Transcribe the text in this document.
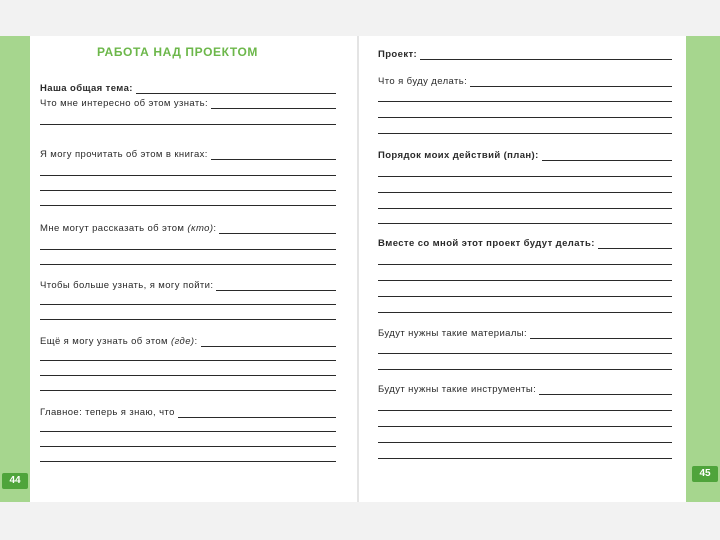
44
45
РАБОТА НАД ПРОЕКТОМ
Наша общая тема:
Что мне интересно об этом узнать:
Я могу прочитать об этом в книгах:
Мне могут рассказать об этом (кто):
Чтобы больше узнать, я могу пойти:
Ещё я могу узнать об этом (где):
Главное: теперь я знаю, что
Проект:
Что я буду делать:
Порядок моих действий (план):
Вместе со мной этот проект будут делать:
Будут нужны такие материалы:
Будут нужны такие инструменты:
